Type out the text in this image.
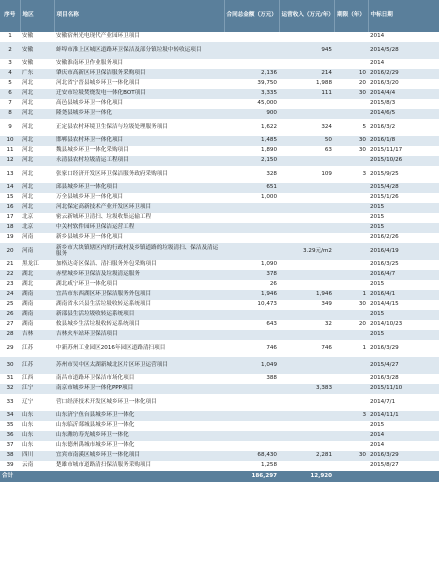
序号	地区	项目名称	合同总金额（万元）	运营收入（万元/年）	期限（年）	中标日期
1	安徽	安徽宿州光电现代产业园环卫项目				2014
2	安徽	蚌埠市淮上区城区道路环卫保洁及部分镇垃圾中转收运项目		945		2014/5/28
3	安徽	安徽淮南环卫作业服务项目				2014
4	广东	肇庆市高新区环卫保洁服务采购项目	2,136	214	10	2016/2/29
5	河北	河北省宁晋县城乡环卫一体化项目	39,750	1,988	20	2016/3/20
6	河北	迁安市垃圾焚烧发电一体化BOT项目	3,335	111	30	2014/4/4
7	河北	高邑县城乡环卫一体化项目	45,000			2015/8/3
8	河北	隆尧县城乡环卫一体化	900			2014/6/5
9	河北	正定县农村环境卫生保洁与垃圾处理服务项目	1,622	324	5	2016/3/2
10	河北	邯郸县农村环卫一体化项目	1,485	50	30	2016/1/8
11	河北	魏县城乡环卫一体化采购项目	1,890	63	30	2015/11/17
12	河北	永清县农村垃圾清运工程项目	2,150			2015/10/26
13	河北	张家口经济开发区环卫保洁服务政府采购项目	328	109	3	2015/9/25
14	河北	邱县城乡环卫一体化项目	651			2015/4/28
15	河北	万全县城乡环卫一体化项目	1,000			2015/1/26
16	河北	河北保定高新技术产业开发区环卫项目				2015
17	北京	密云新城环卫清扫、垃圾收集运输工程				2015
18	北京	中关村软件园环卫保洁运营工程				2015
19	河南	新乡县城乡环卫一体化项目				2016/2/26
20	河南	新乡市大块镇辖区内的行政村及乡镇道路的垃圾清扫、保洁及清运服务		3.29元/m2		2016/4/19
21	黑龙江	加格达奇区保洁、清扫服务外包采购项目	1,090			2016/3/25
22	湖北	赤壁城乡环卫保洁及垃圾清运服务	378			2016/4/7
23	湖北	湖北咸宁环卫一体化项目	26			2015
24	湖南	宜昌市东西湖区环卫保洁服务外包项目	1,946	1,946	1	2016/4/1
25	湖南	湖南省永兴县生活垃圾收转运系统项目	10,473	349	30	2014/4/15
26	湖南	新邵县生活垃圾收转运系统项目				2015
27	湖南	攸县城乡生活垃圾收转运系统项目	643	32	20	2014/10/23
28	吉林	吉林火车站环卫保洁项目				2015
29	江苏	中新苏州工业园区2016年园区道路清扫项目	746	746	1	2016/3/29
30	江苏	苏州市吴中区太湖新城北区片区环卫运营项目	1,049			2015/4/27
31	江西	南昌市道路环卫保洁市场化项目	388			2016/3/28
32	江宁	南京市城乡环卫一体化PPP项目		3,383		2015/11/10
33	辽宁	营口经济技术开发区城乡环卫一体化项目				2014/7/1
34	山东	山东济宁鱼台县城乡环卫一体化			3	2014/11/1
35	山东	山东临沂郯城县城乡环卫一体化				2015
36	山东	山东潍坊寿光城乡环卫一体化				2014
37	山东	山东德州禹城市城乡环卫一体化				2014
38	四川	宜宾市南溪区城乡环卫一体化项目	68,430	2,281	30	2016/3/29
39	云南	楚雄市城市道路清扫保洁服务采购项目	1,258			2015/8/27
合计			186,297	12,920		
